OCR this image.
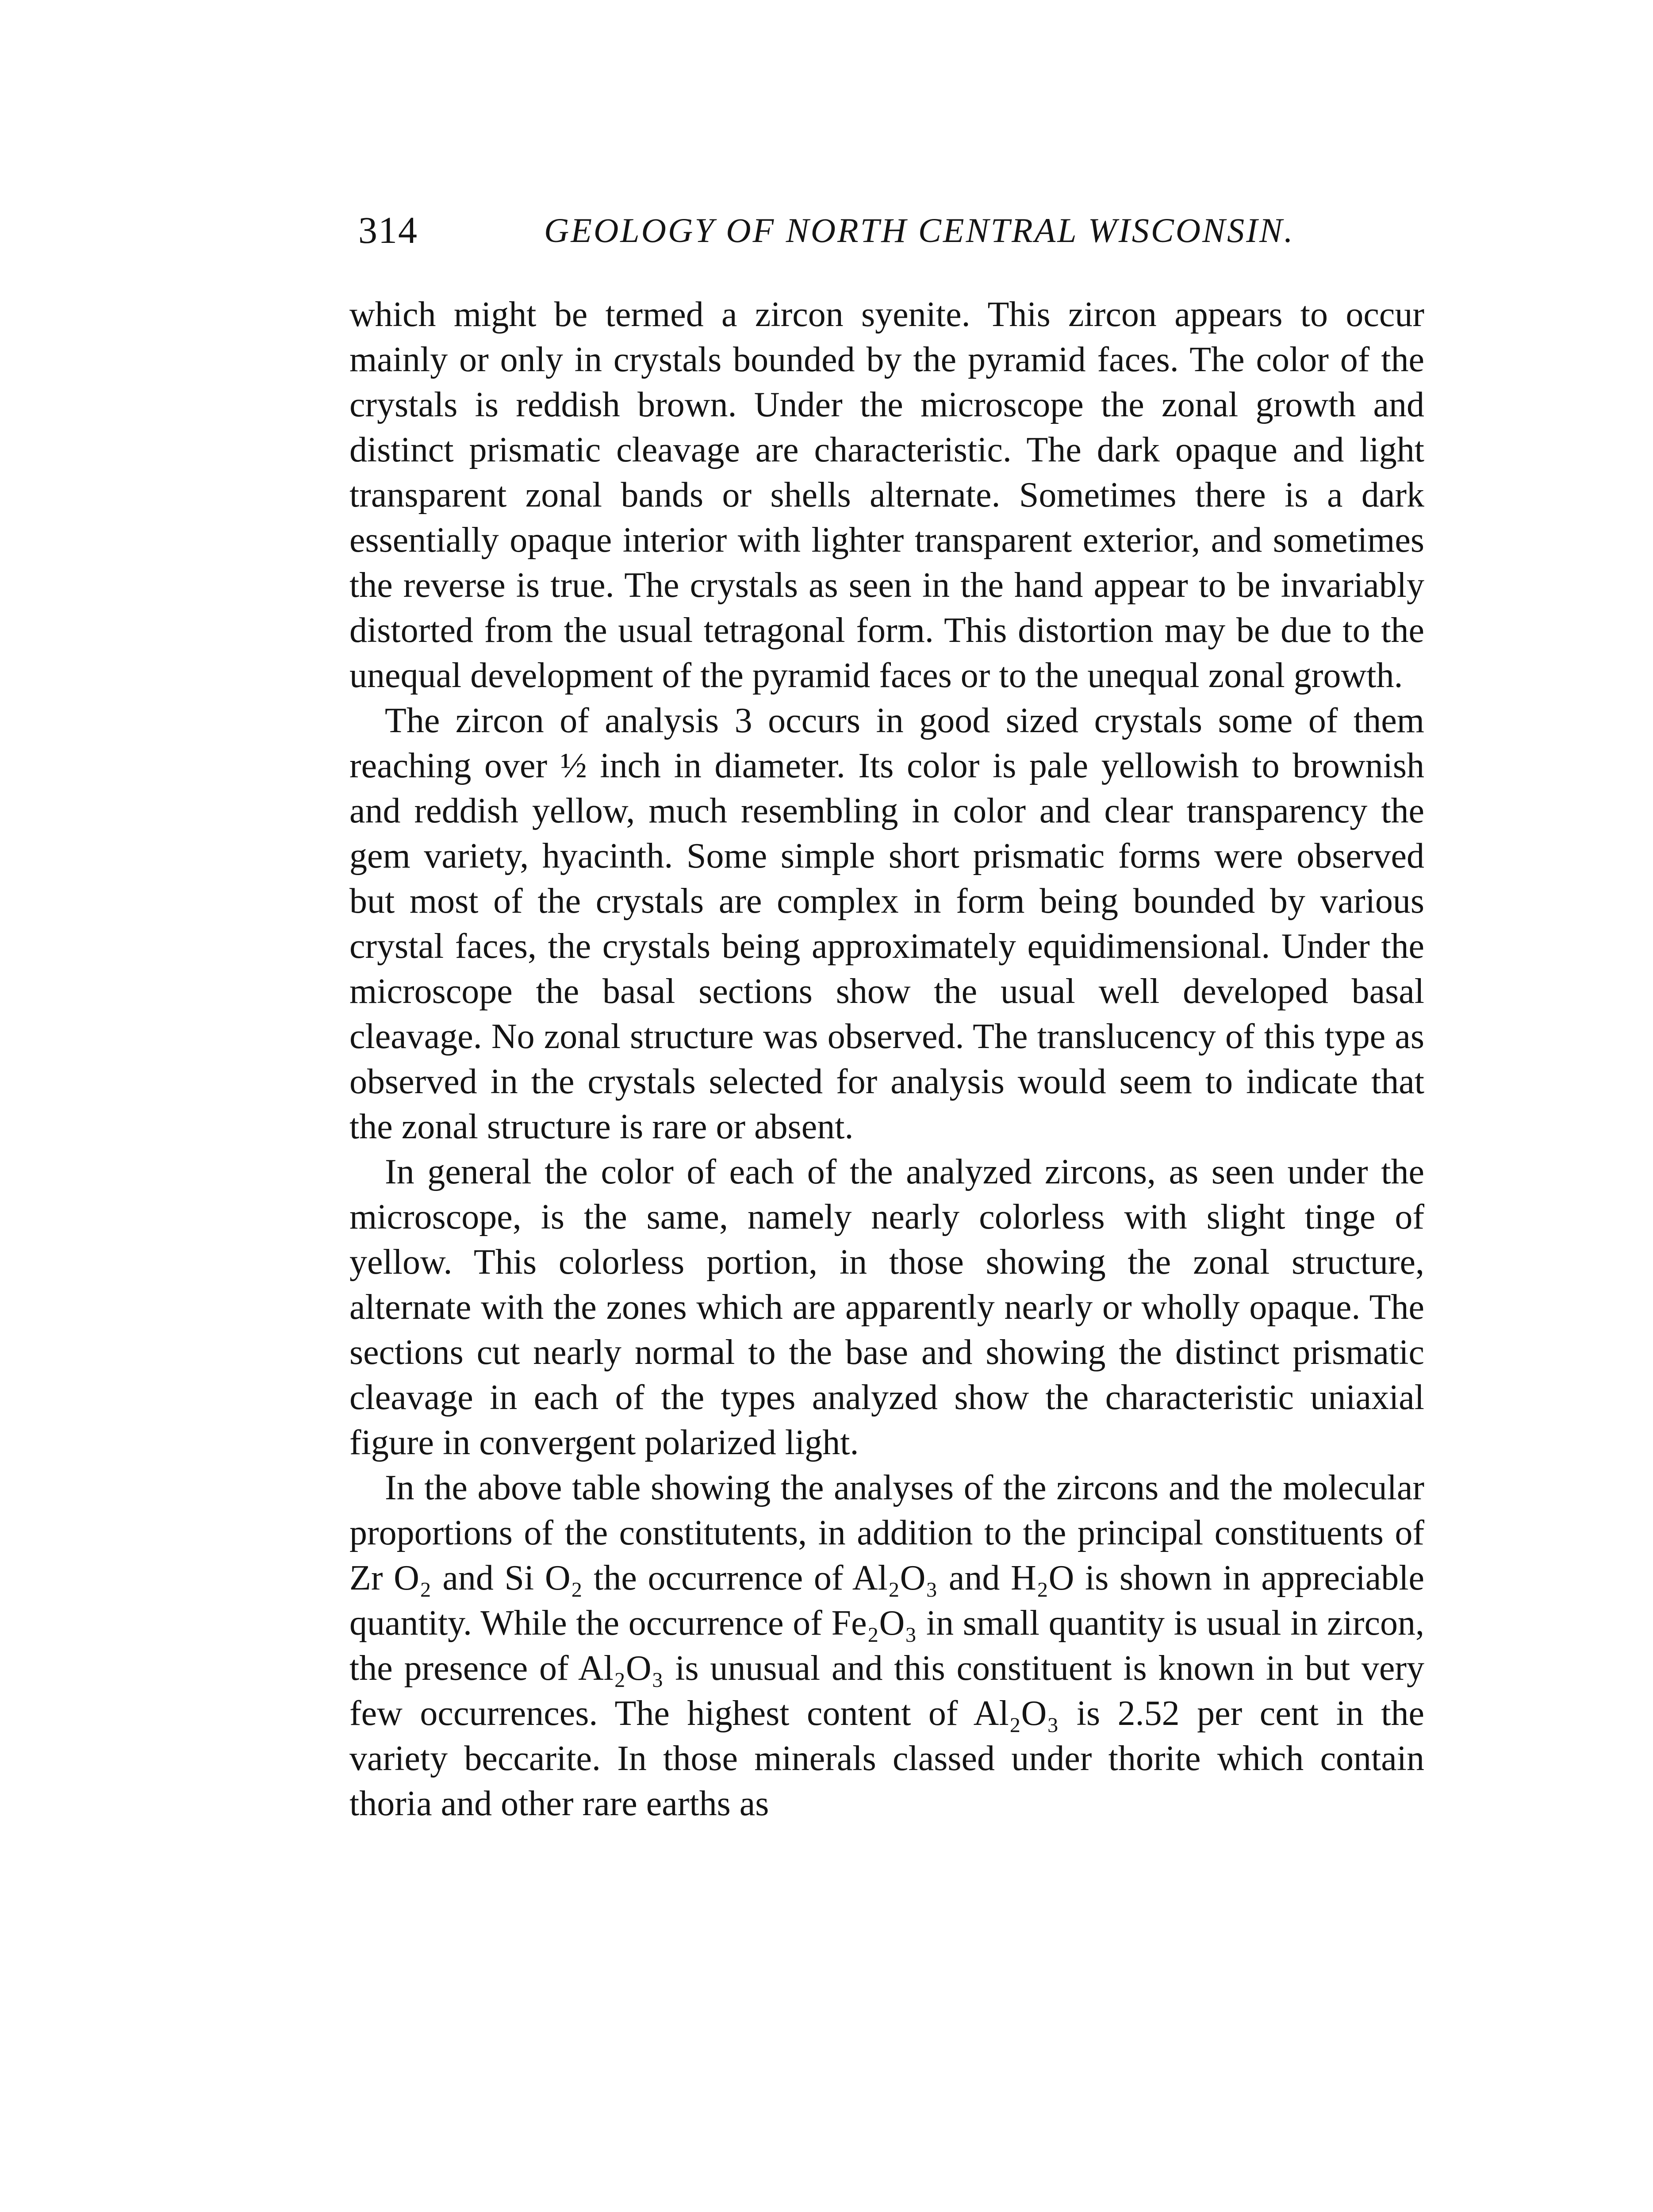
314	GEOLOGY OF NORTH CENTRAL WISCONSIN.

which might be termed a zircon syenite. This zircon appears to occur mainly or only in crystals bounded by the pyramid faces. The color of the crystals is reddish brown. Under the microscope the zonal growth and distinct prismatic cleavage are characteristic. The dark opaque and light transparent zonal bands or shells alternate. Sometimes there is a dark essentially opaque interior with lighter transparent exterior, and sometimes the reverse is true. The crystals as seen in the hand appear to be invariably distorted from the usual tetragonal form. This distortion may be due to the unequal development of the pyramid faces or to the unequal zonal growth.

The zircon of analysis 3 occurs in good sized crystals some of them reaching over ½ inch in diameter. Its color is pale yellowish to brownish and reddish yellow, much resembling in color and clear transparency the gem variety, hyacinth. Some simple short prismatic forms were observed but most of the crystals are complex in form being bounded by various crystal faces, the crystals being approximately equidimensional. Under the microscope the basal sections show the usual well developed basal cleavage. No zonal structure was observed. The translucency of this type as observed in the crystals selected for analysis would seem to indicate that the zonal structure is rare or absent.

In general the color of each of the analyzed zircons, as seen under the microscope, is the same, namely nearly colorless with slight tinge of yellow. This colorless portion, in those showing the zonal structure, alternate with the zones which are apparently nearly or wholly opaque. The sections cut nearly normal to the base and showing the distinct prismatic cleavage in each of the types analyzed show the characteristic uniaxial figure in convergent polarized light.

In the above table showing the analyses of the zircons and the molecular proportions of the constitutents, in addition to the principal constituents of Zr O₂ and Si O₂ the occurrence of Al₂O₃ and H₂O is shown in appreciable quantity. While the occurrence of Fe₂O₃ in small quantity is usual in zircon, the presence of Al₂O₃ is unusual and this constituent is known in but very few occurrences. The highest content of Al₂O₃ is 2.52 per cent in the variety beccarite. In those minerals classed under thorite which contain thoria and other rare earths as
